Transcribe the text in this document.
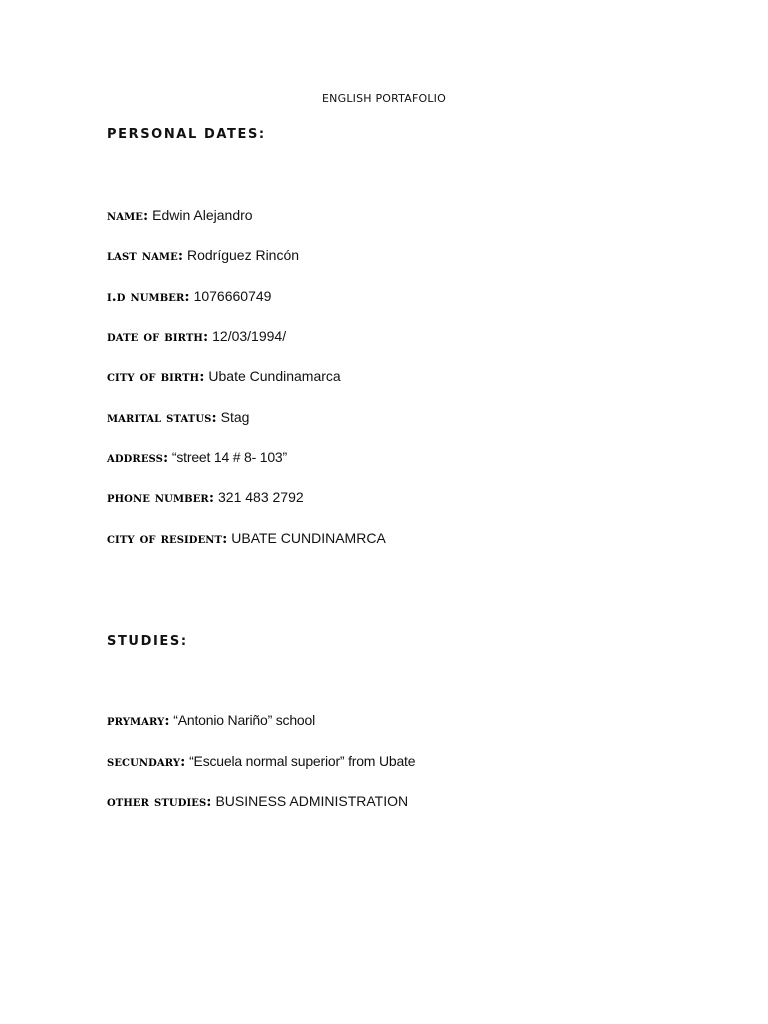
ENGLISH PORTAFOLIO
PERSONAL DATES:
name: Edwin Alejandro
last name: Rodríguez Rincón
i.d number: 1076660749
date of birth: 12/03/1994/
city of birth: Ubate Cundinamarca
marital status: Stag
address: “street 14 # 8- 103”
phone number: 321 483 2792
city of resident: UBATE CUNDINAMRCA
STUDIES:
prymary: “Antonio Nariño” school
secundary: “Escuela normal superior” from Ubate
other studies: BUSINESS ADMINISTRATION
